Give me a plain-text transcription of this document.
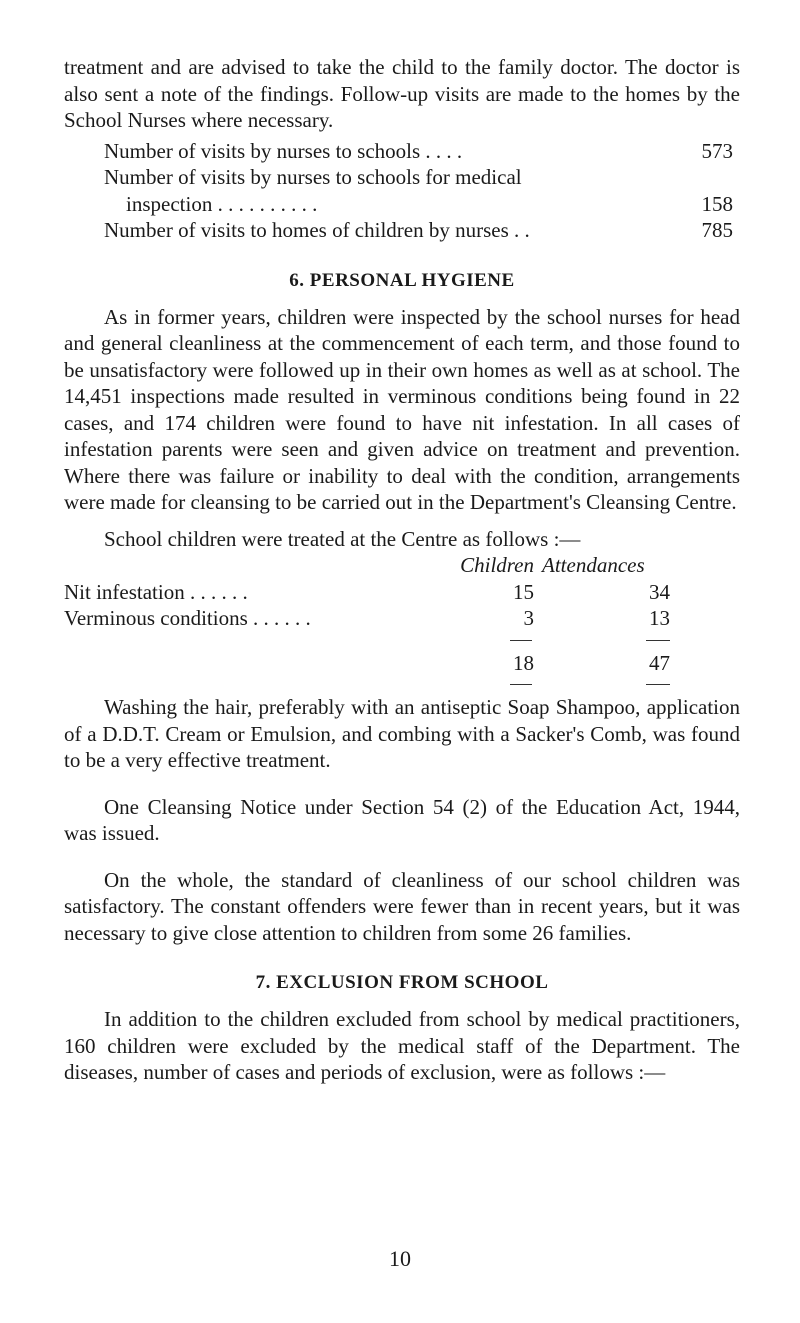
treatment and are advised to take the child to the family doctor. The doctor is also sent a note of the findings. Follow-up visits are made to the homes by the School Nurses where necessary.

Number of visits by nurses to schools . . . .	573
Number of visits by nurses to schools for medical
inspection . . . . . . . . . .	158
Number of visits to homes of children by nurses . .	785
6. PERSONAL HYGIENE

As in former years, children were inspected by the school nurses for head and general cleanliness at the commencement of each term, and those found to be unsatisfactory were followed up in their own homes as well as at school. The 14,451 inspections made resulted in verminous conditions being found in 22 cases, and 174 children were found to have nit infestation. In all cases of infestation parents were seen and given advice on treatment and prevention. Where there was failure or inability to deal with the condition, arrangements were made for cleansing to be carried out in the Department's Cleansing Centre.

School children were treated at the Centre as follows :—

Children Attendances
Nit infestation . . . . . .	15	34
Verminous conditions . . . . . .	3	13
18	47

Washing the hair, preferably with an antiseptic Soap Shampoo, application of a D.D.T. Cream or Emulsion, and combing with a Sacker's Comb, was found to be a very effective treatment.

One Cleansing Notice under Section 54 (2) of the Education Act, 1944, was issued.

On the whole, the standard of cleanliness of our school children was satisfactory. The constant offenders were fewer than in recent years, but it was necessary to give close attention to children from some 26 families.

7. EXCLUSION FROM SCHOOL

In addition to the children excluded from school by medical practitioners, 160 children were excluded by the medical staff of the Department. The diseases, number of cases and periods of exclusion, were as follows :—

10
